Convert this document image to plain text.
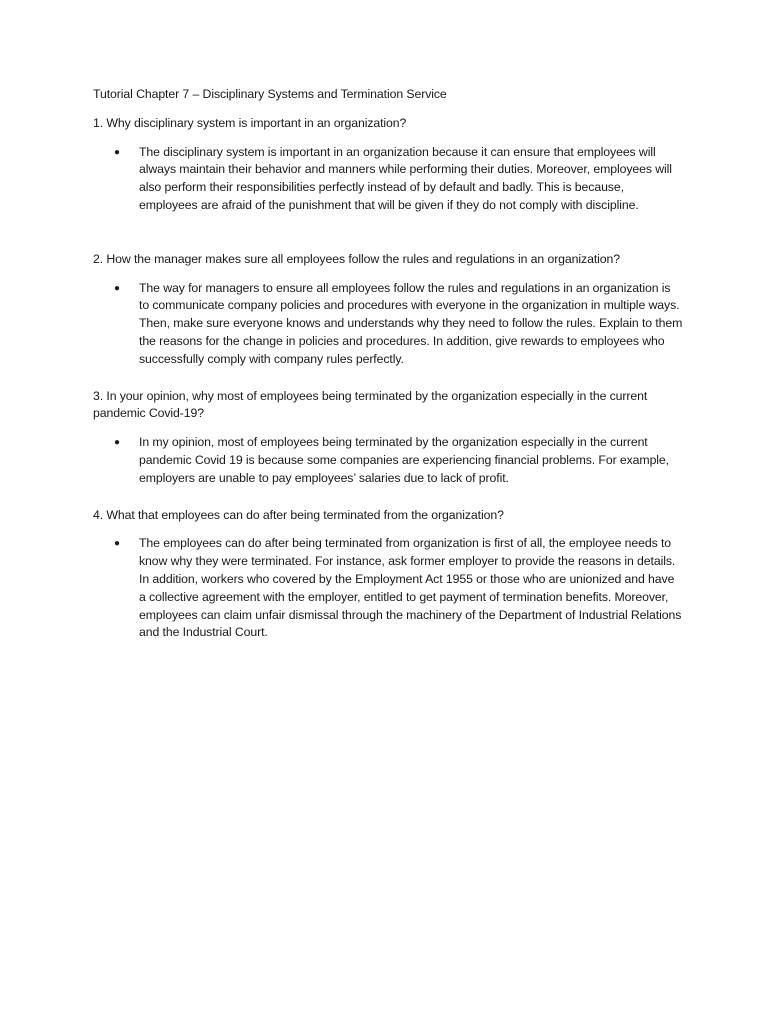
Tutorial Chapter 7 – Disciplinary Systems and Termination Service
1. Why disciplinary system is important in an organization?
● The disciplinary system is important in an organization because it can ensure that employees will always maintain their behavior and manners while performing their duties. Moreover, employees will also perform their responsibilities perfectly instead of by default and badly. This is because, employees are afraid of the punishment that will be given if they do not comply with discipline.
2. How the manager makes sure all employees follow the rules and regulations in an organization?
● The way for managers to ensure all employees follow the rules and regulations in an organization is to communicate company policies and procedures with everyone in the organization in multiple ways. Then, make sure everyone knows and understands why they need to follow the rules. Explain to them the reasons for the change in policies and procedures. In addition, give rewards to employees who successfully comply with company rules perfectly.
3. In your opinion, why most of employees being terminated by the organization especially in the current pandemic Covid-19?
● In my opinion, most of employees being terminated by the organization especially in the current pandemic Covid 19 is because some companies are experiencing financial problems. For example, employers are unable to pay employees’ salaries due to lack of profit.
4. What that employees can do after being terminated from the organization?
● The employees can do after being terminated from organization is first of all, the employee needs to know why they were terminated. For instance, ask former employer to provide the reasons in details. In addition, workers who covered by the Employment Act 1955 or those who are unionized and have a collective agreement with the employer, entitled to get payment of termination benefits. Moreover, employees can claim unfair dismissal through the machinery of the Department of Industrial Relations and the Industrial Court.
